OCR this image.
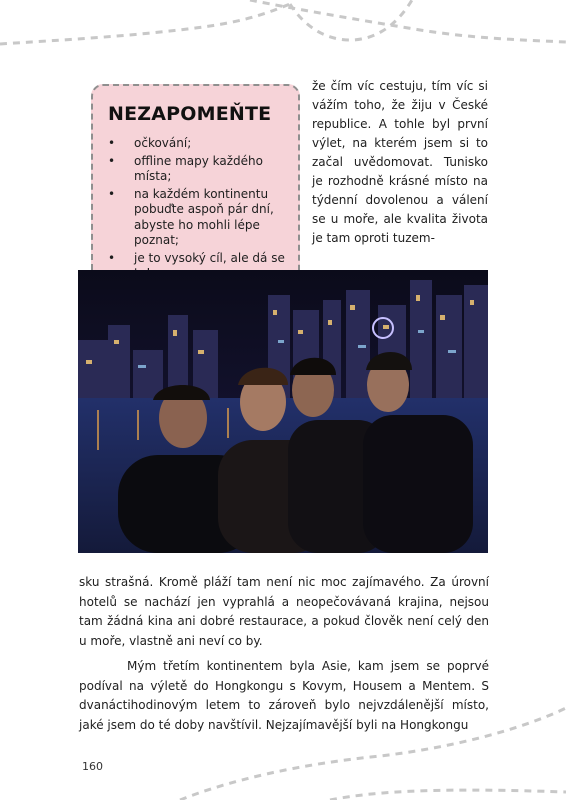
NEZAPOMEŇTE
• očkování;
• offline mapy každého místa;
• na každém kontinentu pobuďte aspoň pár dní, abyste ho mohli lépe poznat;
• je to vysoký cíl, ale dá se

že čím víc cestuju, tím víc si vážím toho, že žiju v České republice. A tohle byl první výlet, na kterém jsem si to začal uvědomovat. Tunisko je rozhodně krásné místo na týdenní dovolenou a válení se u moře, ale kvalita života je tam oproti tuzem-

sku strašná. Kromě pláží tam není nic moc zajímavého. Za úrovní hotelů se nachází jen vyprahlá a neopečovávaná krajina, nejsou tam žádná kina ani dobré restaurace, a pokud člověk není celý den u moře, vlastně ani neví co by.

Mým třetím kontinentem byla Asie, kam jsem se poprvé podíval na výletě do Hongkongu s Kovym, Housem a Mentem. S dvanáctihodinovým letem to zároveň bylo nejvzdálenější místo, jaké jsem do té doby navštívil. Nejzajímavější byli na Hongkongu

160
